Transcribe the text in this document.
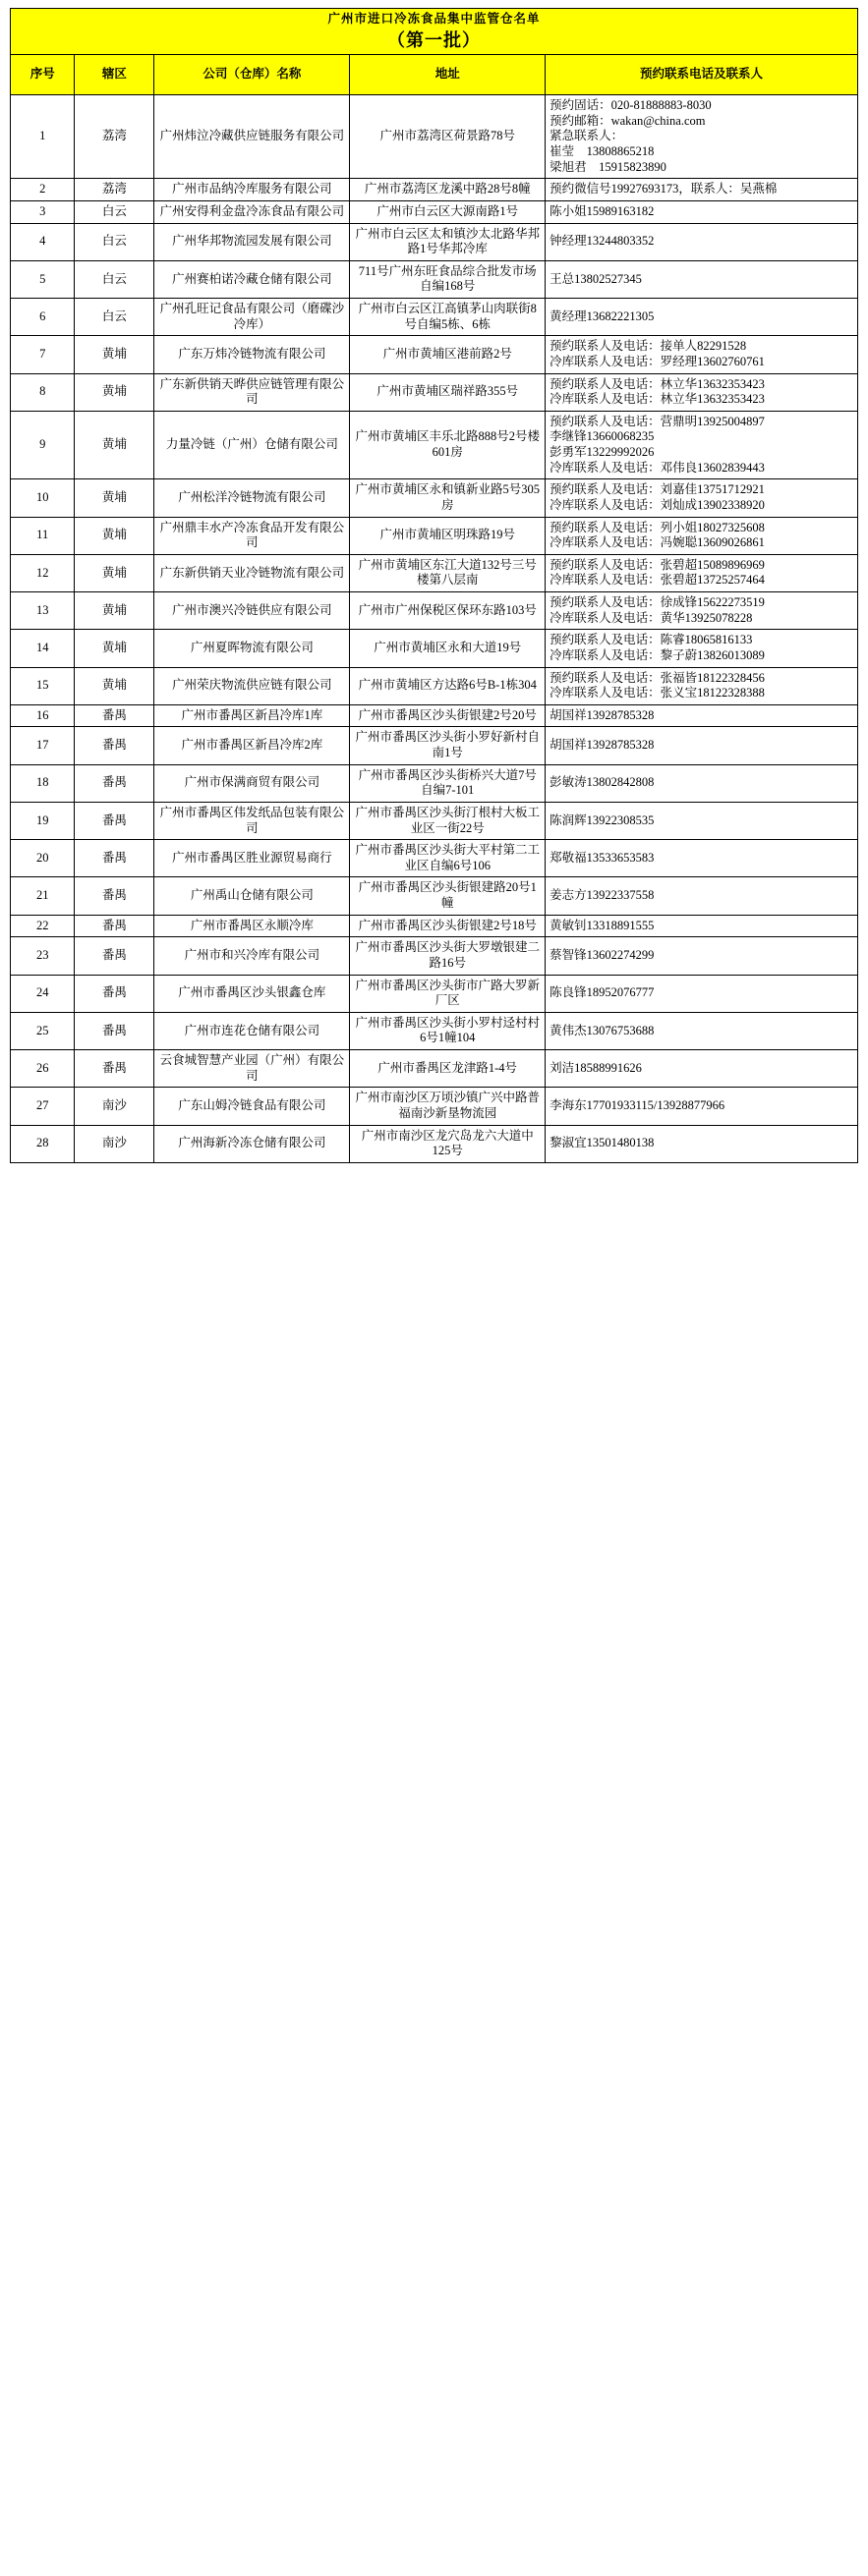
广州市进口冷冻食品集中监管仓名单
（第一批）				

序号	辖区	公司（仓库）名称	地址	预约联系电话及联系人
1	荔湾	广州炜泣冷藏供应链服务有限公司	广州市荔湾区荷景路78号	预约固话：020-81888883-8030
预约邮箱：wakan@china.com
紧急联系人：
崔莹　13808865218
梁旭君　15915823890

2	荔湾	广州市品纳冷库服务有限公司	广州市荔湾区龙溪中路28号8幢	预约微信号19927693173，联系人：吴燕棉

3	白云	广州安得利金盘冷冻食品有限公司	广州市白云区大源南路1号	陈小姐15989163182

4	白云	广州华邦物流园发展有限公司	广州市白云区太和镇沙太北路华邦路1号华邦冷库	钟经理13244803352

5	白云	广州赛柏诺冷藏仓储有限公司	711号广州东旺食品综合批发市场自编168号	王总13802527345

6	白云	广州孔旺记食品有限公司（磨碟沙冷库）	广州市白云区江高镇茅山肉联街8号自编5栋、6栋	黄经理13682221305

7	黄埔	广东万炜冷链物流有限公司	广州市黄埔区港前路2号	预约联系人及电话：接单人82291528
冷库联系人及电话：罗经理13602760761

8	黄埔	广东新供销天晔供应链管理有限公司	广州市黄埔区瑞祥路355号	预约联系人及电话：林立华13632353423
冷库联系人及电话：林立华13632353423

9	黄埔	力量冷链（广州）仓储有限公司	广州市黄埔区丰乐北路888号2号楼601房	预约联系人及电话：营鼎明13925004897
李继锋13660068235
彭勇军13229992026
冷库联系人及电话：邓伟良13602839443

10	黄埔	广州松洋冷链物流有限公司	广州市黄埔区永和镇新业路5号305房	预约联系人及电话：刘嘉佳13751712921
冷库联系人及电话：刘灿成13902338920

11	黄埔	广州鼎丰水产冷冻食品开发有限公司	广州市黄埔区明珠路19号	预约联系人及电话：列小姐18027325608
冷库联系人及电话：冯婉聪13609026861

12	黄埔	广东新供销天业冷链物流有限公司	广州市黄埔区东江大道132号三号楼第八层南	预约联系人及电话：张碧超15089896969
冷库联系人及电话：张碧超13725257464

13	黄埔	广州市澳兴冷链供应有限公司	广州市广州保税区保环东路103号	预约联系人及电话：徐成锋15622273519
冷库联系人及电话：黄华13925078228

14	黄埔	广州夏晖物流有限公司	广州市黄埔区永和大道19号	预约联系人及电话：陈睿18065816133
冷库联系人及电话：黎子蔚13826013089

15	黄埔	广州荣庆物流供应链有限公司	广州市黄埔区方达路6号B-1栋304	预约联系人及电话：张福皆18122328456
冷库联系人及电话：张义宝18122328388

16	番禺	广州市番禺区新昌冷库1库	广州市番禺区沙头街银建2号20号	胡国祥13928785328

17	番禺	广州市番禺区新昌冷库2库	广州市番禺区沙头街小罗好新村自南1号	胡国祥13928785328

18	番禺	广州市保满商贸有限公司	广州市番禺区沙头街桥兴大道7号自编7-101	彭敏涛13802842808

19	番禺	广州市番禺区伟发纸品包装有限公司	广州市番禺区沙头街汀根村大板工业区一街22号	陈润辉13922308535

20	番禺	广州市番禺区胜业源贸易商行	广州市番禺区沙头街大平村第二工业区自编6号106	郑敬福13533653583

21	番禺	广州禹山仓储有限公司	广州市番禺区沙头街银建路20号1幢	姜志方13922337558

22	番禺	广州市番禺区永顺冷库	广州市番禺区沙头街银建2号18号	黄敏钊13318891555

23	番禺	广州市和兴冷库有限公司	广州市番禺区沙头街大罗墩银建二路16号	蔡智锋13602274299

24	番禺	广州市番禺区沙头银鑫仓库	广州市番禺区沙头街市广路大罗新厂区	陈良锋18952076777

25	番禺	广州市连花仓储有限公司	广州市番禺区沙头街小罗村迳村村6号1幢104	黄伟杰13076753688

26	番禺	云食城智慧产业园（广州）有限公司	广州市番禺区龙津路1-4号	刘洁18588991626

27	南沙	广东山姆冷链食品有限公司	广州市南沙区万顷沙镇广兴中路普福南沙新垦物流园	李海东17701933115/13928877966

28	南沙	广州海新冷冻仓储有限公司	广州市南沙区龙穴岛龙六大道中125号	黎淑宜13501480138
